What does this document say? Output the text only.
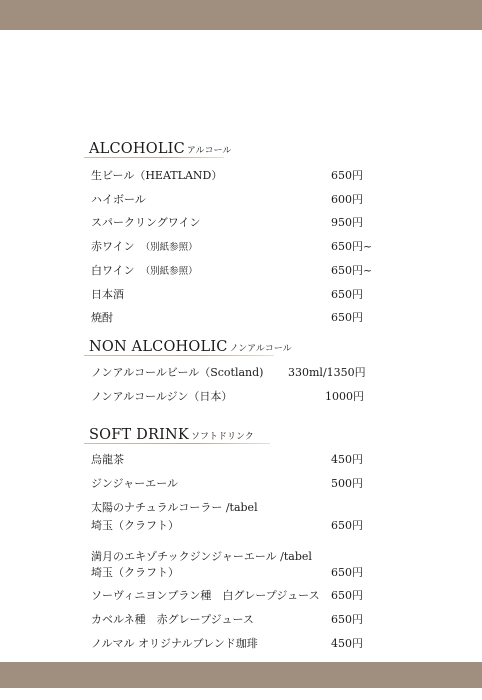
ALCOHOLIC アルコール
生ビール（HEATLAND）	650円
ハイボール	600円
スパークリングワイン	950円
赤ワイン （別紙参照）	650円~
白ワイン （別紙参照）	650円~
日本酒	650円
焼酎	650円
NON ALCOHOLIC ノンアルコール
ノンアルコールビール（Scotland) 330ml/1350円
ノンアルコールジン（日本）	1000円
SOFT DRINK ソフトドリンク
烏龍茶	450円
ジンジャーエール	500円
太陽のナチュラルコーラー /tabel
埼玉（クラフト）	650円
満月のエキゾチックジンジャーエール /tabel
埼玉（クラフト）	650円
ソーヴィニヨンブラン種　白グレープジュース 650円
カベルネ種　赤グレープジュース	650円
ノルマル オリジナルブレンド珈琲	450円
